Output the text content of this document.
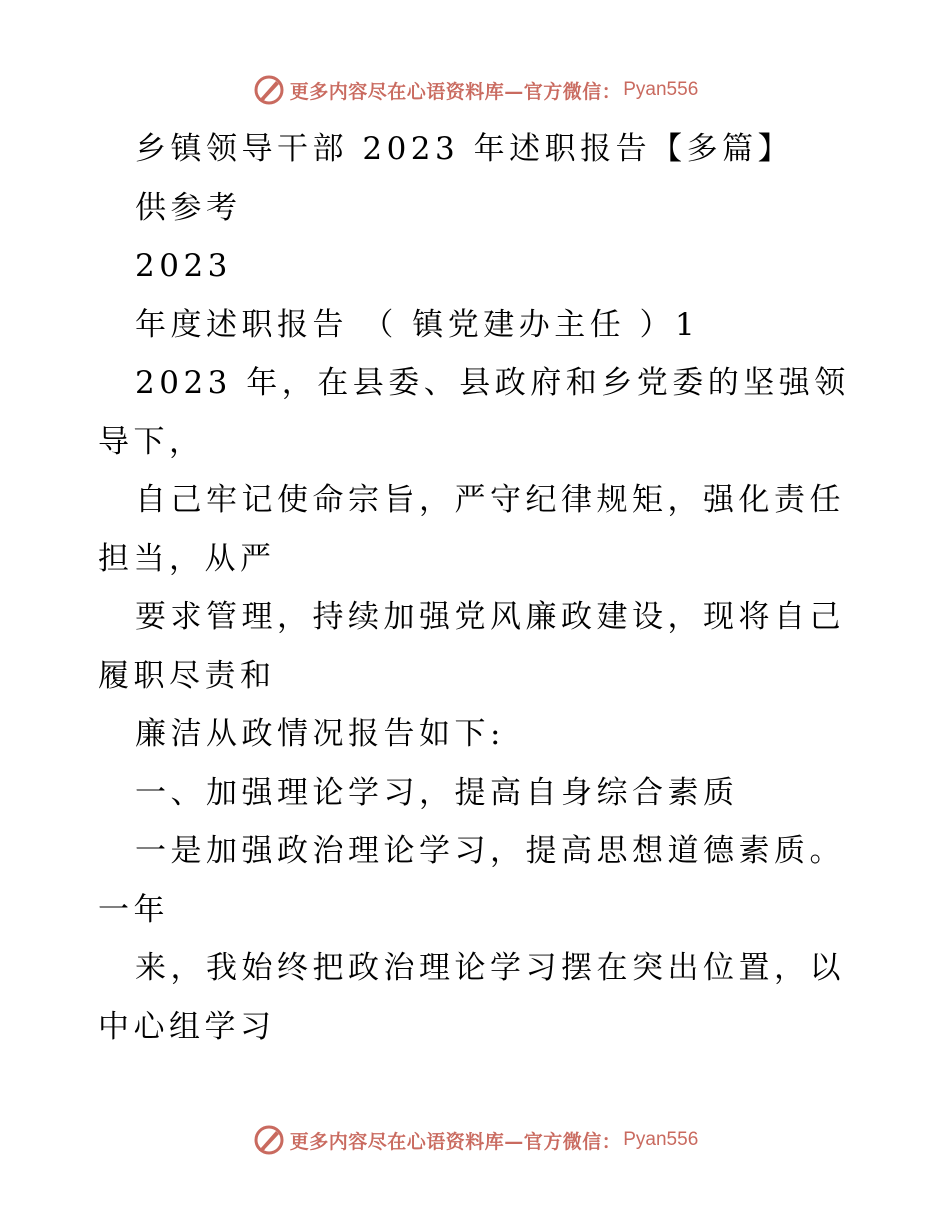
更多内容尽在心语资料库—官方微信： Pyan556

乡镇领导干部 2023 年述职报告【多篇】

供参考

2023

年度述职报告 （ 镇党建办主任 ）1

2023 年，在县委、县政府和乡党委的坚强领导下，

自己牢记使命宗旨，严守纪律规矩，强化责任担当，从严

要求管理，持续加强党风廉政建设，现将自己履职尽责和

廉洁从政情况报告如下:

一、加强理论学习，提高自身综合素质

一是加强政治理论学习，提高思想道德素质。一年

来，我始终把政治理论学习摆在突出位置，以中心组学习

更多内容尽在心语资料库—官方微信： Pyan556
